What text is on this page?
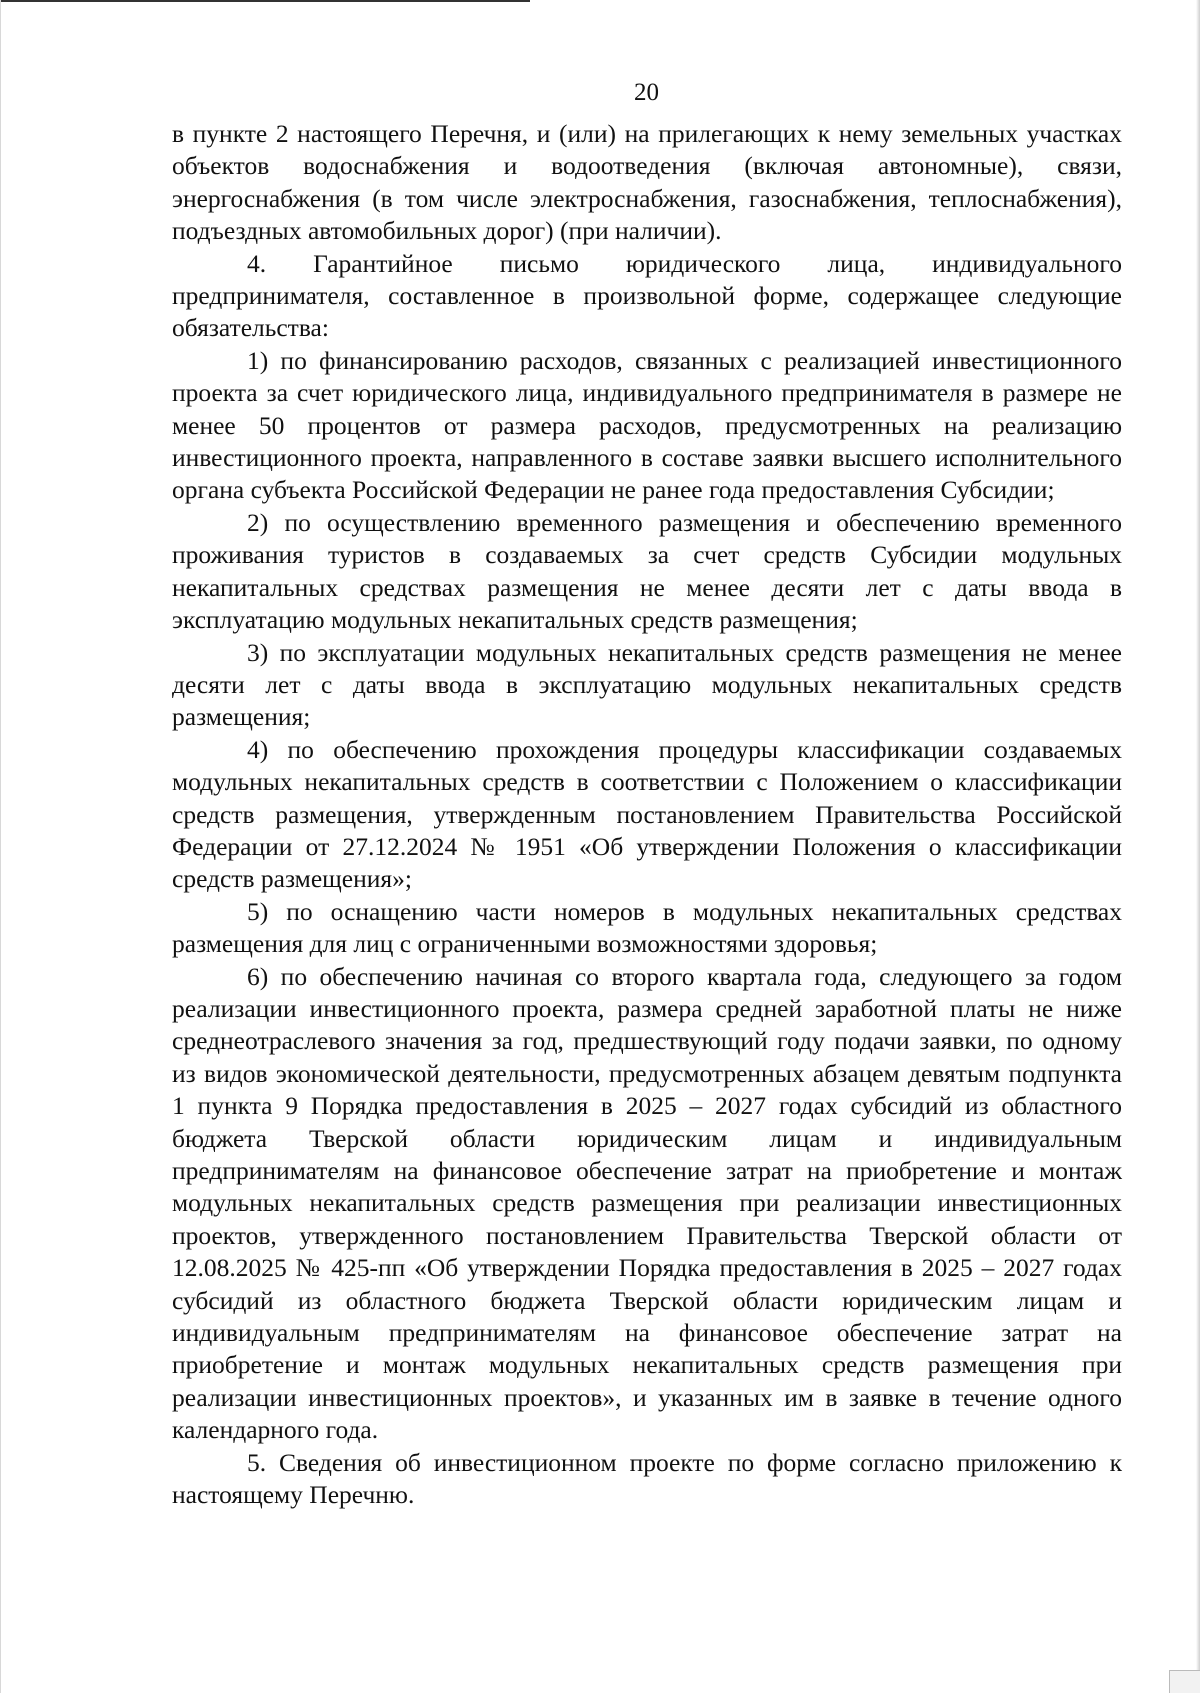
20

в пункте 2 настоящего Перечня, и (или) на прилегающих к нему земельных участках объектов водоснабжения и водоотведения (включая автономные), связи, энергоснабжения (в том числе электроснабжения, газоснабжения, теплоснабжения), подъездных автомобильных дорог) (при наличии).

4. Гарантийное письмо юридического лица, индивидуального предпринимателя, составленное в произвольной форме, содержащее следующие обязательства:

1) по финансированию расходов, связанных с реализацией инвестиционного проекта за счет юридического лица, индивидуального предпринимателя в размере не менее 50 процентов от размера расходов, предусмотренных на реализацию инвестиционного проекта, направленного в составе заявки высшего исполнительного органа субъекта Российской Федерации не ранее года предоставления Субсидии;

2) по осуществлению временного размещения и обеспечению временного проживания туристов в создаваемых за счет средств Субсидии модульных некапитальных средствах размещения не менее десяти лет с даты ввода в эксплуатацию модульных некапитальных средств размещения;

3) по эксплуатации модульных некапитальных средств размещения не менее десяти лет с даты ввода в эксплуатацию модульных некапитальных средств размещения;

4) по обеспечению прохождения процедуры классификации создаваемых модульных некапитальных средств в соответствии с Положением о классификации средств размещения, утвержденным постановлением Правительства Российской Федерации от 27.12.2024 № 1951 «Об утверждении Положения о классификации средств размещения»;

5) по оснащению части номеров в модульных некапитальных средствах размещения для лиц с ограниченными возможностями здоровья;

6) по обеспечению начиная со второго квартала года, следующего за годом реализации инвестиционного проекта, размера средней заработной платы не ниже среднеотраслевого значения за год, предшествующий году подачи заявки, по одному из видов экономической деятельности, предусмотренных абзацем девятым подпункта 1 пункта 9 Порядка предоставления в 2025 – 2027 годах субсидий из областного бюджета Тверской области юридическим лицам и индивидуальным предпринимателям на финансовое обеспечение затрат на приобретение и монтаж модульных некапитальных средств размещения при реализации инвестиционных проектов, утвержденного постановлением Правительства Тверской области от 12.08.2025 № 425-пп «Об утверждении Порядка предоставления в 2025 – 2027 годах субсидий из областного бюджета Тверской области юридическим лицам и индивидуальным предпринимателям на финансовое обеспечение затрат на приобретение и монтаж модульных некапитальных средств размещения при реализации инвестиционных проектов», и указанных им в заявке в течение одного календарного года.

5. Сведения об инвестиционном проекте по форме согласно приложению к настоящему Перечню.
